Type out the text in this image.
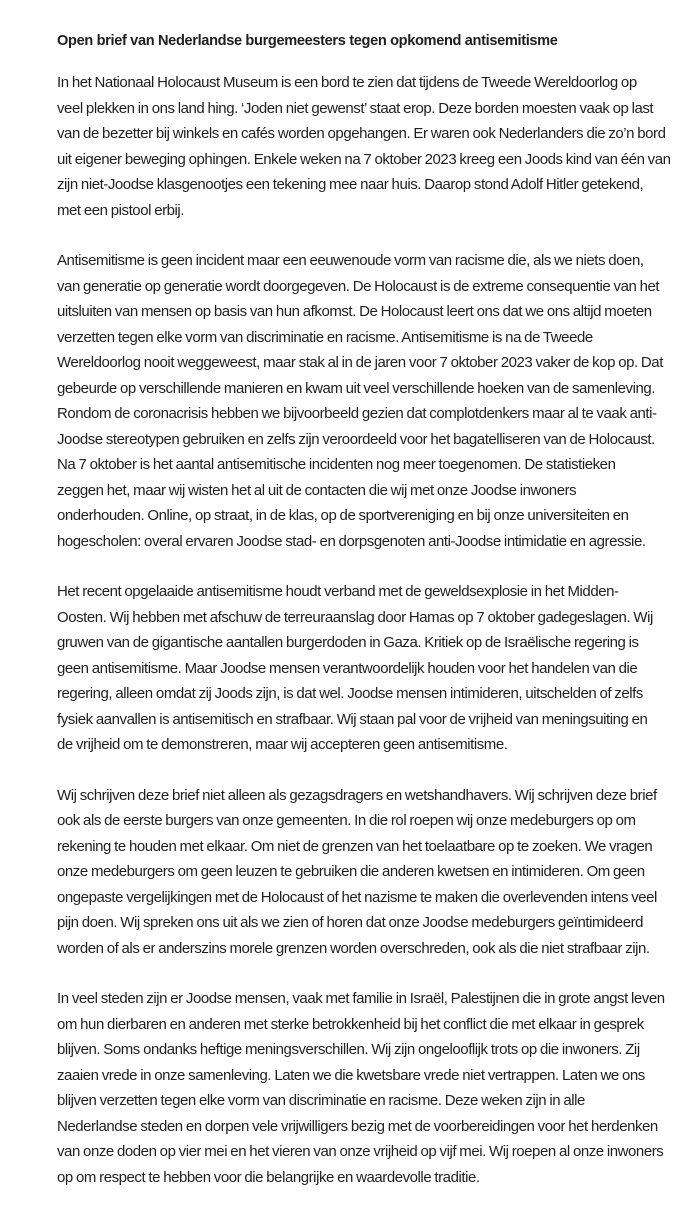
Open brief van Nederlandse burgemeesters tegen opkomend antisemitisme

In het Nationaal Holocaust Museum is een bord te zien dat tijdens de Tweede Wereldoorlog op
veel plekken in ons land hing. ‘Joden niet gewenst’ staat erop. Deze borden moesten vaak op last
van de bezetter bij winkels en cafés worden opgehangen. Er waren ook Nederlanders die zo’n bord
uit eigener beweging ophingen. Enkele weken na 7 oktober 2023 kreeg een Joods kind van één van
zijn niet-Joodse klasgenootjes een tekening mee naar huis. Daarop stond Adolf Hitler getekend,
met een pistool erbij.

Antisemitisme is geen incident maar een eeuwenoude vorm van racisme die, als we niets doen,
van generatie op generatie wordt doorgegeven. De Holocaust is de extreme consequentie van het
uitsluiten van mensen op basis van hun afkomst. De Holocaust leert ons dat we ons altijd moeten
verzetten tegen elke vorm van discriminatie en racisme. Antisemitisme is na de Tweede
Wereldoorlog nooit weggeweest, maar stak al in de jaren voor 7 oktober 2023 vaker de kop op. Dat
gebeurde op verschillende manieren en kwam uit veel verschillende hoeken van de samenleving.
Rondom de coronacrisis hebben we bijvoorbeeld gezien dat complotdenkers maar al te vaak anti-
Joodse stereotypen gebruiken en zelfs zijn veroordeeld voor het bagatelliseren van de Holocaust.
Na 7 oktober is het aantal antisemitische incidenten nog meer toegenomen. De statistieken
zeggen het, maar wij wisten het al uit de contacten die wij met onze Joodse inwoners
onderhouden. Online, op straat, in de klas, op de sportvereniging en bij onze universiteiten en
hogescholen: overal ervaren Joodse stad- en dorpsgenoten anti-Joodse intimidatie en agressie.

Het recent opgelaaide antisemitisme houdt verband met de geweldsexplosie in het Midden-
Oosten. Wij hebben met afschuw de terreuraanslag door Hamas op 7 oktober gadegeslagen. Wij
gruwen van de gigantische aantallen burgerdoden in Gaza. Kritiek op de Israëlische regering is
geen antisemitisme. Maar Joodse mensen verantwoordelijk houden voor het handelen van die
regering, alleen omdat zij Joods zijn, is dat wel. Joodse mensen intimideren, uitschelden of zelfs
fysiek aanvallen is antisemitisch en strafbaar. Wij staan pal voor de vrijheid van meningsuiting en
de vrijheid om te demonstreren, maar wij accepteren geen antisemitisme.

Wij schrijven deze brief niet alleen als gezagsdragers en wetshandhavers. Wij schrijven deze brief
ook als de eerste burgers van onze gemeenten. In die rol roepen wij onze medeburgers op om
rekening te houden met elkaar. Om niet de grenzen van het toelaatbare op te zoeken. We vragen
onze medeburgers om geen leuzen te gebruiken die anderen kwetsen en intimideren. Om geen
ongepaste vergelijkingen met de Holocaust of het nazisme te maken die overlevenden intens veel
pijn doen. Wij spreken ons uit als we zien of horen dat onze Joodse medeburgers geïntimideerd
worden of als er anderszins morele grenzen worden overschreden, ook als die niet strafbaar zijn.

In veel steden zijn er Joodse mensen, vaak met familie in Israël, Palestijnen die in grote angst leven
om hun dierbaren en anderen met sterke betrokkenheid bij het conflict die met elkaar in gesprek
blijven. Soms ondanks heftige meningsverschillen. Wij zijn ongelooflijk trots op die inwoners. Zij
zaaien vrede in onze samenleving. Laten we die kwetsbare vrede niet vertrappen. Laten we ons
blijven verzetten tegen elke vorm van discriminatie en racisme. Deze weken zijn in alle
Nederlandse steden en dorpen vele vrijwilligers bezig met de voorbereidingen voor het herdenken
van onze doden op vier mei en het vieren van onze vrijheid op vijf mei. Wij roepen al onze inwoners
op om respect te hebben voor die belangrijke en waardevolle traditie.
